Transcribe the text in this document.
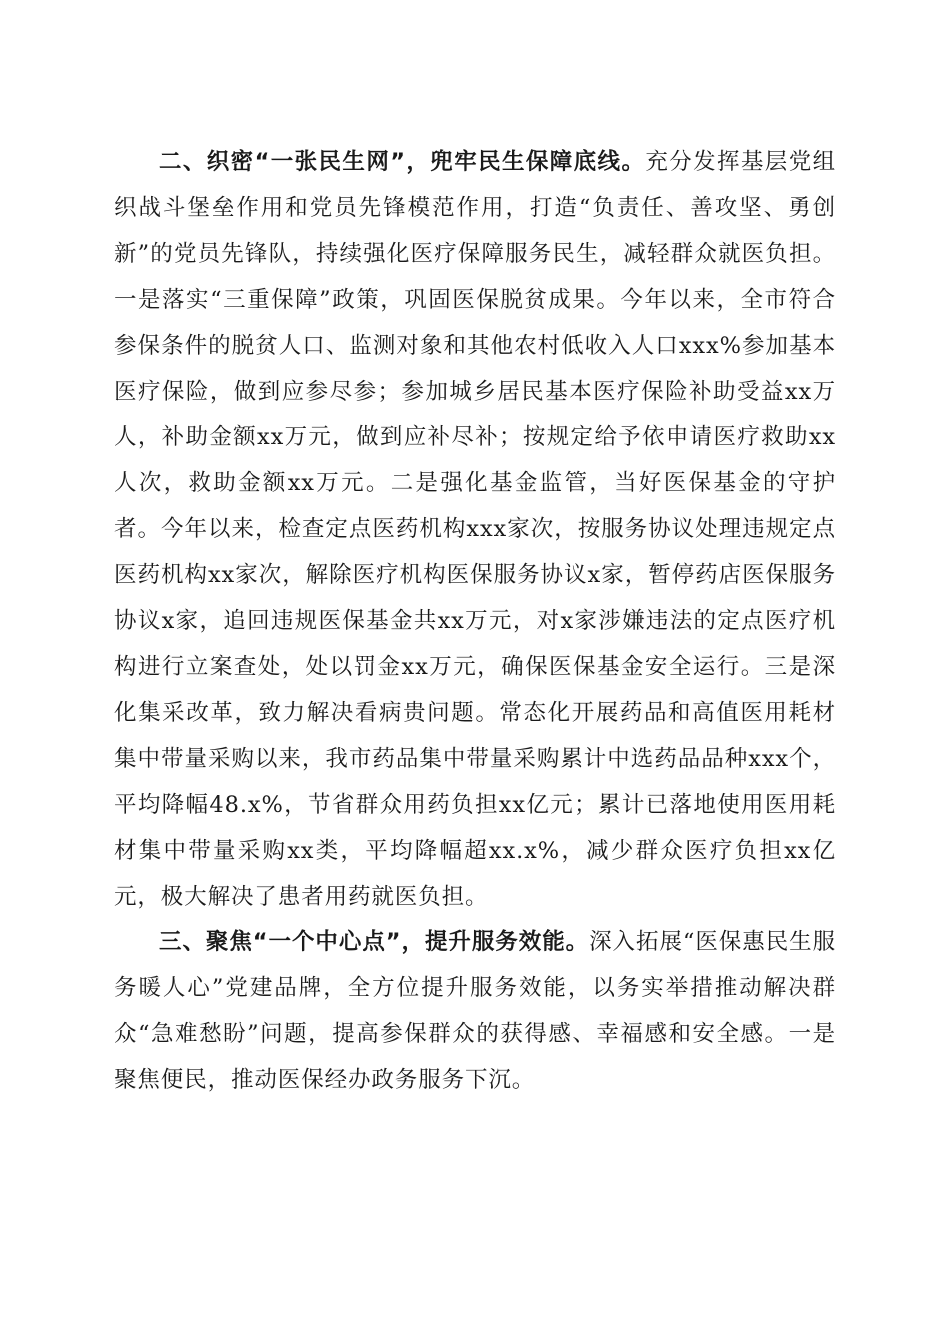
二、织密“一张民生网”，兜牢民生保障底线。充分发挥基层党组织战斗堡垒作用和党员先锋模范作用，打造“负责任、善攻坚、勇创新”的党员先锋队，持续强化医疗保障服务民生，减轻群众就医负担。一是落实“三重保障”政策，巩固医保脱贫成果。今年以来，全市符合参保条件的脱贫人口、监测对象和其他农村低收入人口xxx%参加基本医疗保险，做到应参尽参；参加城乡居民基本医疗保险补助受益xx万人，补助金额xx万元，做到应补尽补；按规定给予依申请医疗救助xx人次，救助金额xx万元。二是强化基金监管，当好医保基金的守护者。今年以来，检查定点医药机构xxx家次，按服务协议处理违规定点医药机构xx家次，解除医疗机构医保服务协议x家，暂停药店医保服务协议x家，追回违规医保基金共xx万元，对x家涉嫌违法的定点医疗机构进行立案查处，处以罚金xx万元，确保医保基金安全运行。三是深化集采改革，致力解决看病贵问题。常态化开展药品和高值医用耗材集中带量采购以来，我市药品集中带量采购累计中选药品品种xxx个，平均降幅48.x%，节省群众用药负担xx亿元；累计已落地使用医用耗材集中带量采购xx类，平均降幅超xx.x%，减少群众医疗负担xx亿元，极大解决了患者用药就医负担。

三、聚焦“一个中心点”，提升服务效能。深入拓展“医保惠民生服务暖人心”党建品牌，全方位提升服务效能，以务实举措推动解决群众“急难愁盼”问题，提高参保群众的获得感、幸福感和安全感。一是聚焦便民，推动医保经办政务服务下沉。
